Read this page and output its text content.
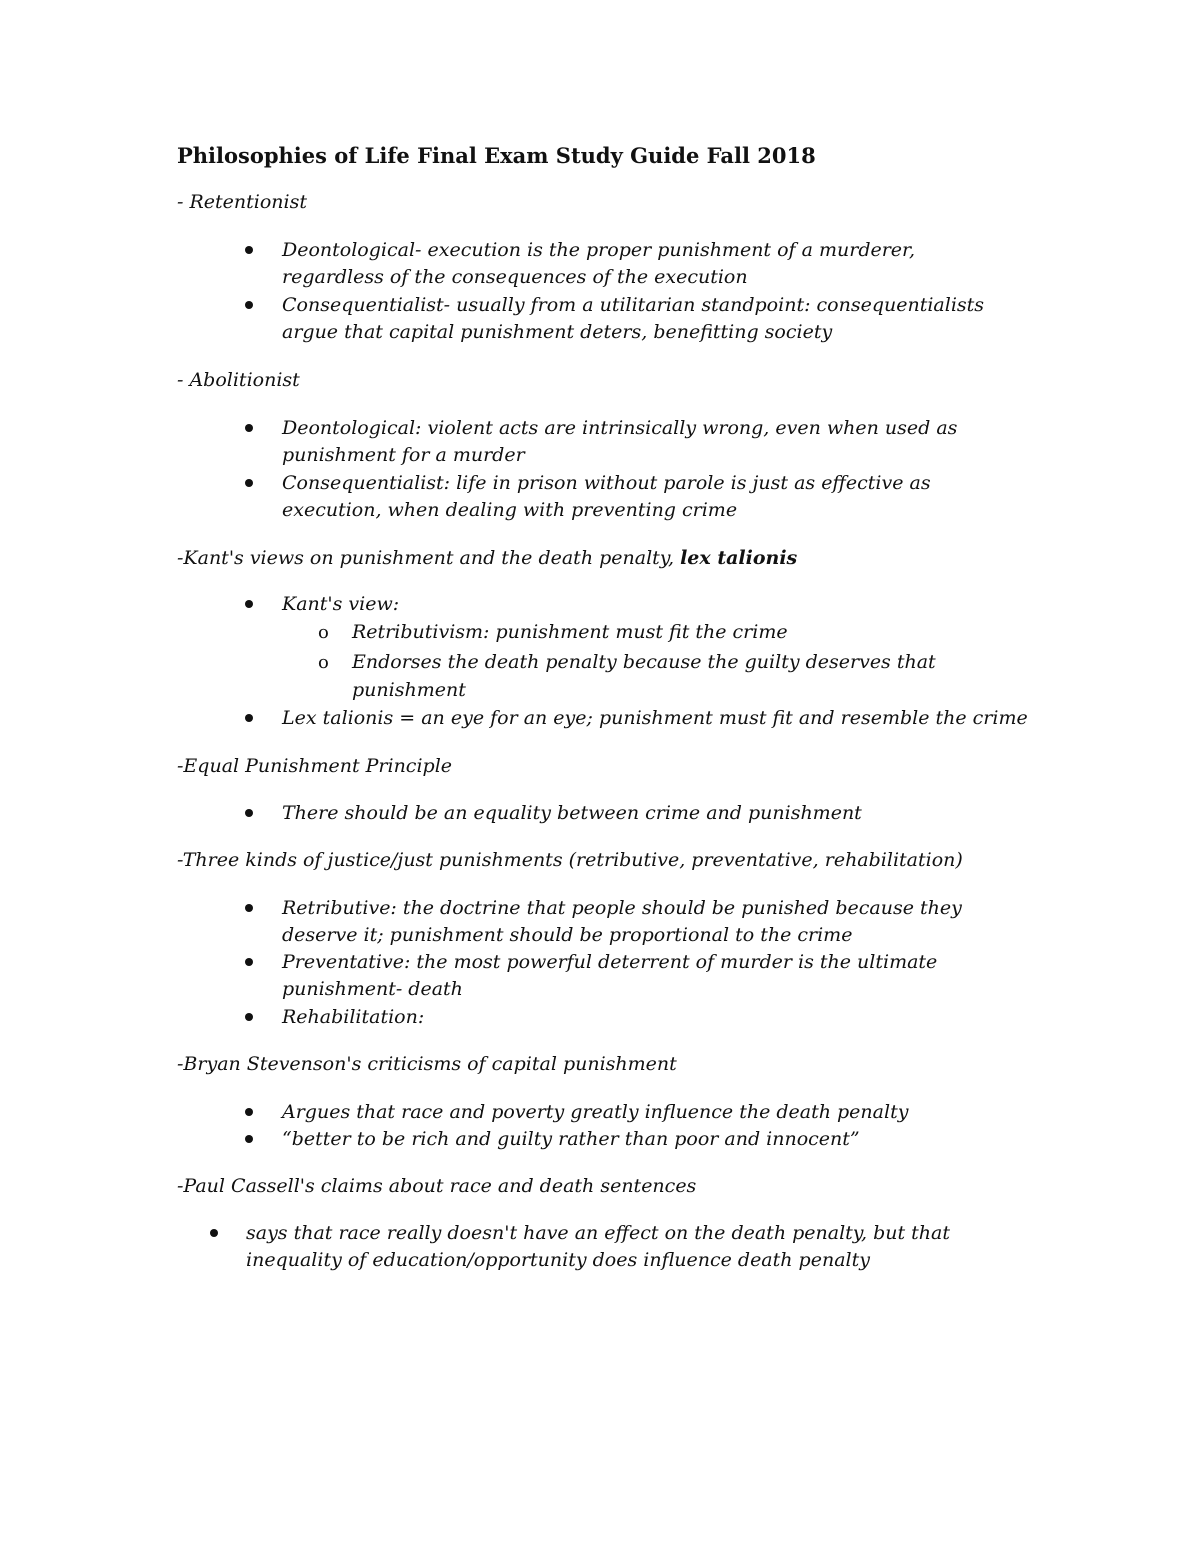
Philosophies of Life Final Exam Study Guide Fall 2018
- Retentionist
Deontological- execution is the proper punishment of a murderer,
regardless of the consequences of the execution
Consequentialist- usually from a utilitarian standpoint: consequentialists
argue that capital punishment deters, benefitting society
- Abolitionist
Deontological: violent acts are intrinsically wrong, even when used as
punishment for a murder
Consequentialist: life in prison without parole is just as effective as
execution, when dealing with preventing crime
-Kant's views on punishment and the death penalty, lex talionis
Kant's view:
o Retributivism: punishment must fit the crime
o Endorses the death penalty because the guilty deserves that
punishment
Lex talionis = an eye for an eye; punishment must fit and resemble the crime
-Equal Punishment Principle
There should be an equality between crime and punishment
-Three kinds of justice/just punishments (retributive, preventative, rehabilitation)
Retributive: the doctrine that people should be punished because they
deserve it; punishment should be proportional to the crime
Preventative: the most powerful deterrent of murder is the ultimate
punishment- death
Rehabilitation:
-Bryan Stevenson's criticisms of capital punishment
Argues that race and poverty greatly influence the death penalty
“better to be rich and guilty rather than poor and innocent”
-Paul Cassell's claims about race and death sentences
says that race really doesn't have an effect on the death penalty, but that
inequality of education/opportunity does influence death penalty
